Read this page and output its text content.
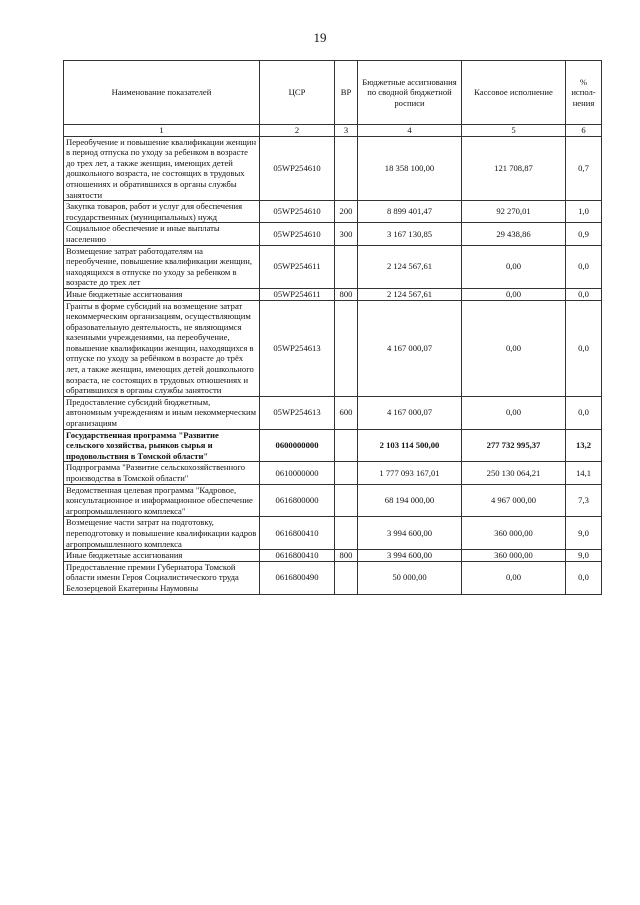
19
Наименование показателей	ЦСР	ВР	Бюджетные ассигнования по сводной бюджетной росписи	Кассовое исполнение	% испол-нения
1	2	3	4	5	6
Переобучение и повышение квалификации женщин в период отпуска по уходу за ребенком в возрасте до трех лет, а также женщин, имеющих детей дошкольного возраста, не состоящих в трудовых отношениях и обратившихся в органы службы занятости	05WP254610		18 358 100,00	121 708,87	0,7
Закупка товаров, работ и услуг для обеспечения государственных (муниципальных) нужд	05WP254610	200	8 899 401,47	92 270,01	1,0
Социальное обеспечение и иные выплаты населению	05WP254610	300	3 167 130,85	29 438,86	0,9
Возмещение затрат работодателям на переобучение, повышение квалификации женщин, находящихся в отпуске по уходу за ребенком в возрасте до трех лет	05WP254611		2 124 567,61	0,00	0,0
Иные бюджетные ассигнования	05WP254611	800	2 124 567,61	0,00	0,0
Гранты в форме субсидий на возмещение затрат некоммерческим организациям, осуществляющим образовательную деятельность, не являющимся казенными учреждениями, на переобучение, повышение квалификации женщин, находящихся в отпуске по уходу за ребёнком в возрасте до трёх лет, а также женщин, имеющих детей дошкольного возраста, не состоящих в трудовых отношениях и обратившихся в органы службы занятости	05WP254613		4 167 000,07	0,00	0,0
Предоставление субсидий бюджетным, автономным учреждениям и иным некоммерческим организациям	05WP254613	600	4 167 000,07	0,00	0,0
Государственная программа "Развитие сельского хозяйства, рынков сырья и продовольствия в Томской области"	0600000000		2 103 114 500,00	277 732 995,37	13,2
Подпрограмма "Развитие сельскохозяйственного производства в Томской области"	0610000000		1 777 093 167,01	250 130 064,21	14,1
Ведомственная целевая программа "Кадровое, консультационное и информационное обеспечение агропромышленного комплекса"	0616800000		68 194 000,00	4 967 000,00	7,3
Возмещение части затрат на подготовку, переподготовку и повышение квалификации кадров агропромышленного комплекса	0616800410		3 994 600,00	360 000,00	9,0
Иные бюджетные ассигнования	0616800410	800	3 994 600,00	360 000,00	9,0
Предоставление премии Губернатора Томской области имени Героя Социалистического труда Белозерцевой Екатерины Наумовны	0616800490		50 000,00	0,00	0,0
